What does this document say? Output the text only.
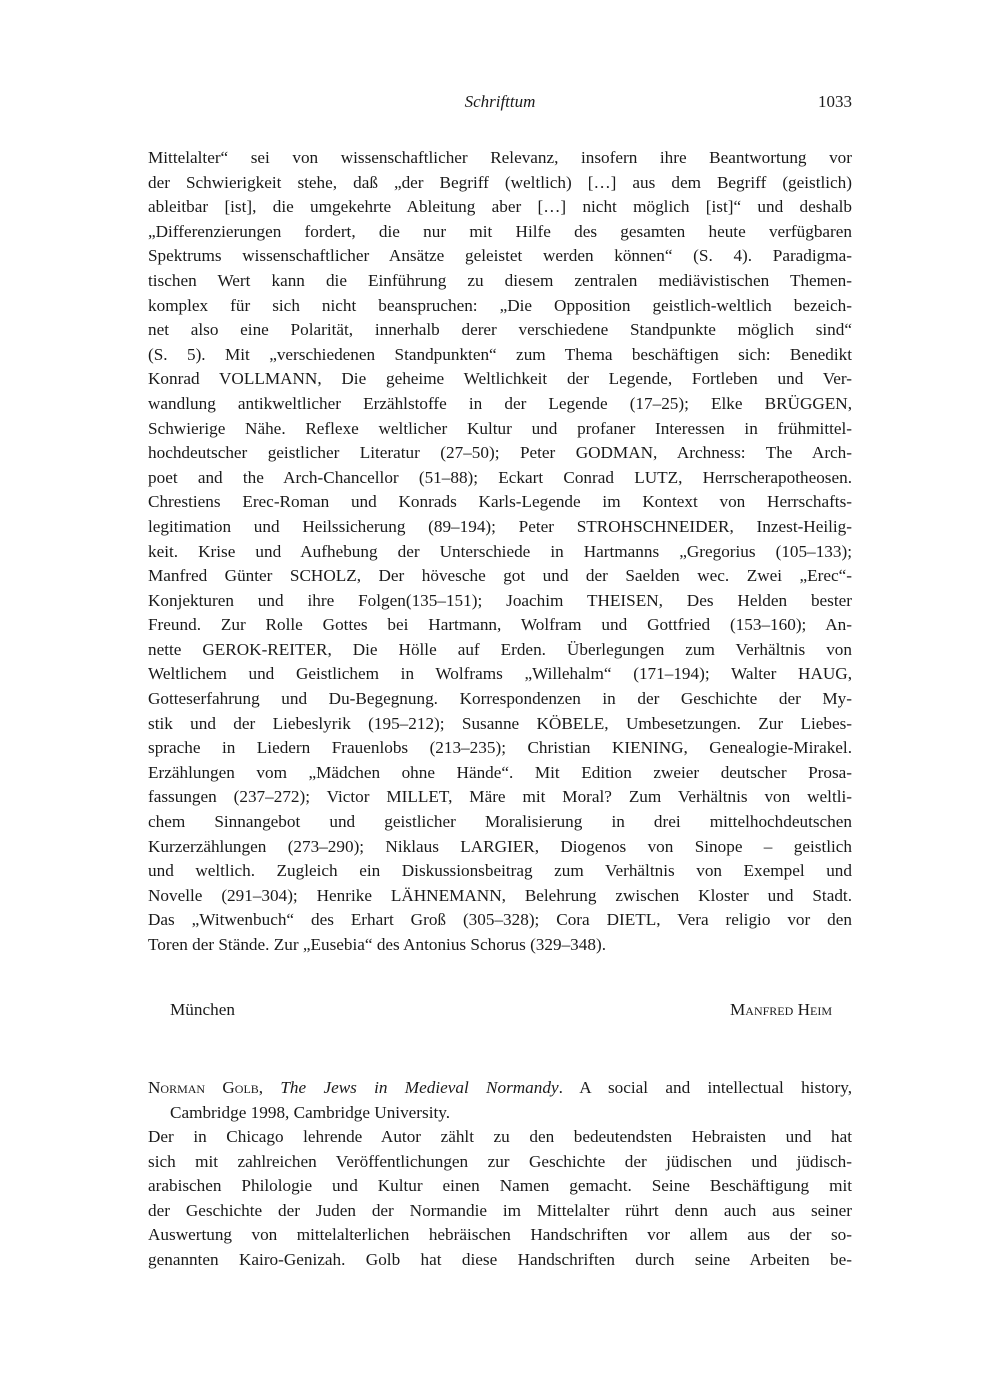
Schrifttum	1033
Mittelalter“ sei von wissenschaftlicher Relevanz, insofern ihre Beantwortung vor
der Schwierigkeit stehe, daß „der Begriff (weltlich) […] aus dem Begriff (geistlich)
ableitbar [ist], die umgekehrte Ableitung aber […] nicht möglich [ist]“ und deshalb
„Differenzierungen fordert, die nur mit Hilfe des gesamten heute verfügbaren
Spektrums wissenschaftlicher Ansätze geleistet werden können“ (S. 4). Paradigma-
tischen Wert kann die Einführung zu diesem zentralen mediävistischen Themen-
komplex für sich nicht beanspruchen: „Die Opposition geistlich-weltlich bezeich-
net also eine Polarität, innerhalb derer verschiedene Standpunkte möglich sind“
(S. 5). Mit „verschiedenen Standpunkten“ zum Thema beschäftigen sich: Benedikt
Konrad VOLLMANN, Die geheime Weltlichkeit der Legende, Fortleben und Ver-
wandlung antikweltlicher Erzählstoffe in der Legende (17–25); Elke BRÜGGEN,
Schwierige Nähe. Reflexe weltlicher Kultur und profaner Interessen in frühmittel-
hochdeutscher geistlicher Literatur (27–50); Peter GODMAN, Archness: The Arch-
poet and the Arch-Chancellor (51–88); Eckart Conrad LUTZ, Herrscherapotheosen.
Chrestiens Erec-Roman und Konrads Karls-Legende im Kontext von Herrschafts-
legitimation und Heilssicherung (89–194); Peter STROHSCHNEIDER, Inzest-Heilig-
keit. Krise und Aufhebung der Unterschiede in Hartmanns „Gregorius (105–133);
Manfred Günter SCHOLZ, Der hövesche got und der Saelden wec. Zwei „Erec“-
Konjekturen und ihre Folgen(135–151); Joachim THEISEN, Des Helden bester
Freund. Zur Rolle Gottes bei Hartmann, Wolfram und Gottfried (153–160); An-
nette GEROK-REITER, Die Hölle auf Erden. Überlegungen zum Verhältnis von
Weltlichem und Geistlichem in Wolframs „Willehalm“ (171–194); Walter HAUG,
Gotteserfahrung und Du-Begegnung. Korrespondenzen in der Geschichte der My-
stik und der Liebeslyrik (195–212); Susanne KÖBELE, Umbesetzungen. Zur Liebes-
sprache in Liedern Frauenlobs (213–235); Christian KIENING, Genealogie-Mirakel.
Erzählungen vom „Mädchen ohne Hände“. Mit Edition zweier deutscher Prosa-
fassungen (237–272); Victor MILLET, Märe mit Moral? Zum Verhältnis von weltli-
chem Sinnangebot und geistlicher Moralisierung in drei mittelhochdeutschen
Kurzerzählungen (273–290); Niklaus LARGIER, Diogenos von Sinope – geistlich
und weltlich. Zugleich ein Diskussionsbeitrag zum Verhältnis von Exempel und
Novelle (291–304); Henrike LÄHNEMANN, Belehrung zwischen Kloster und Stadt.
Das „Witwenbuch“ des Erhart Groß (305–328); Cora DIETL, Vera religio vor den
Toren der Stände. Zur „Eusebia“ des Antonius Schorus (329–348).
München	Manfred Heim
Norman Golb, The Jews in Medieval Normandy. A social and intellectual history,
Cambridge 1998, Cambridge University.
Der in Chicago lehrende Autor zählt zu den bedeutendsten Hebraisten und hat
sich mit zahlreichen Veröffentlichungen zur Geschichte der jüdischen und jüdisch-
arabischen Philologie und Kultur einen Namen gemacht. Seine Beschäftigung mit
der Geschichte der Juden der Normandie im Mittelalter rührt denn auch aus seiner
Auswertung von mittelalterlichen hebräischen Handschriften vor allem aus der so-
genannten Kairo-Genizah. Golb hat diese Handschriften durch seine Arbeiten be-
